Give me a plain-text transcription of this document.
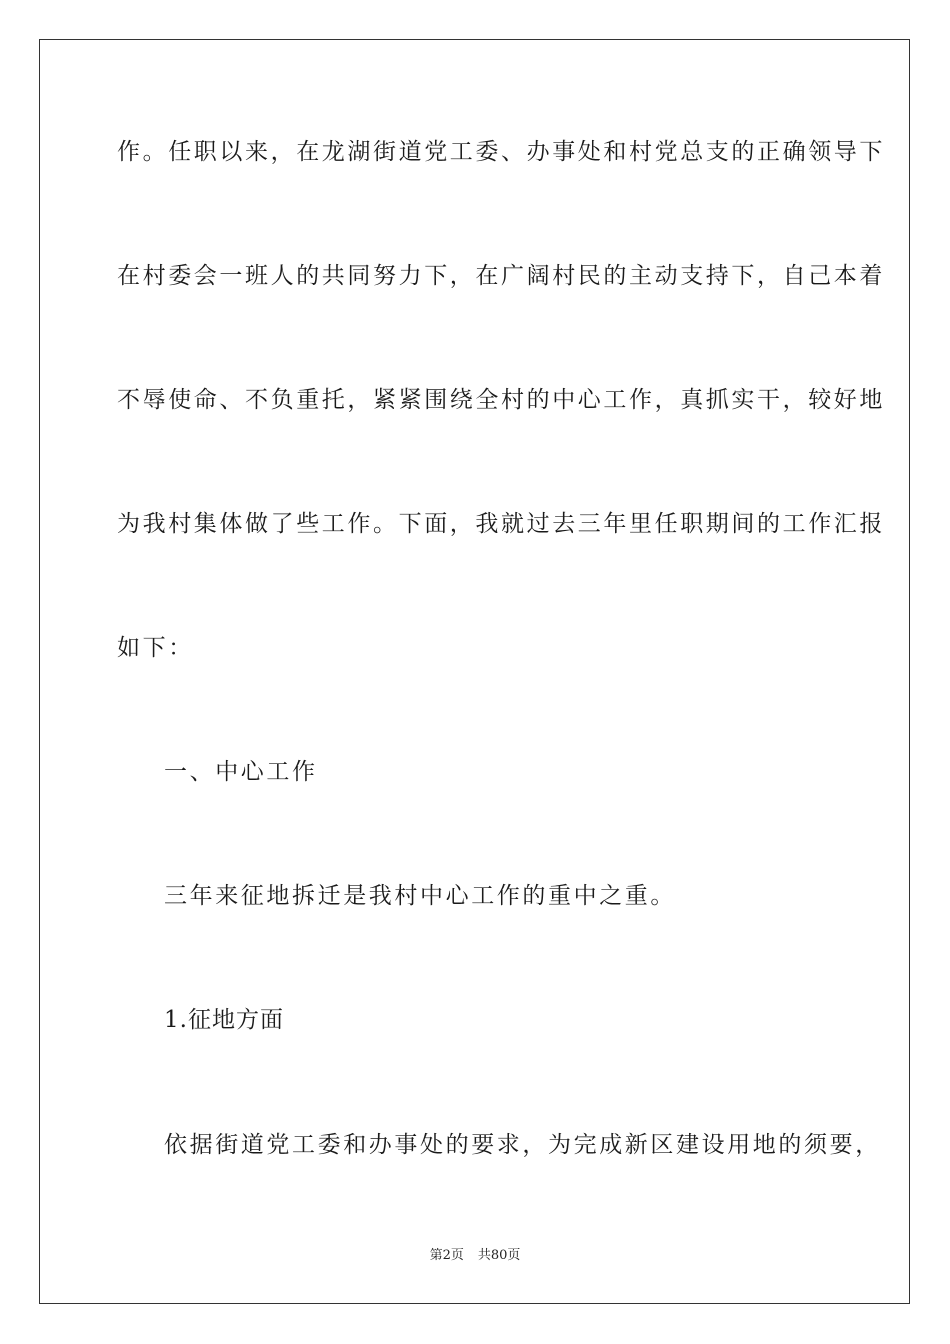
作。任职以来，在龙湖街道党工委、办事处和村党总支的正确领导下
在村委会一班人的共同努力下，在广阔村民的主动支持下，自己本着
不辱使命、不负重托，紧紧围绕全村的中心工作，真抓实干，较好地
为我村集体做了些工作。下面，我就过去三年里任职期间的工作汇报
如下：
一、中心工作
三年来征地拆迁是我村中心工作的重中之重。
1.征地方面
依据街道党工委和办事处的要求，为完成新区建设用地的须要，
第2页 共80页
